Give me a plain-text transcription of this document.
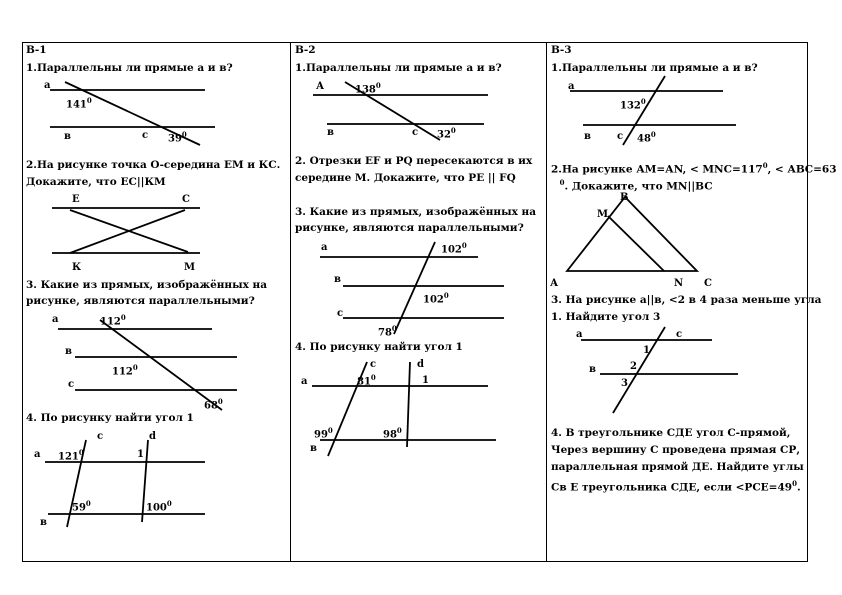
В-1
1.Параллельны ли прямые а и в?
а
$141^0$
в	с $39^0$
2.На рисунке точка О-середина ЕМ и КС.
Докажите, что ЕС||КМ
Е	С
К	М
3. Какие из прямых, изображённых на
рисунке, являются параллельными?
а	$112^0$
в
$112^0$
с
$68^0$
4. По рисунку найти угол 1
с	d
а $121^0$	1
$59^0$	$100^0$
в
В-2
1.Параллельны ли прямые а и в?
А	$138^0$
в	с $32^0$
2. Отрезки EF и PQ пересекаются в их
середине М. Докажите, что PE || FQ
3. Какие из прямых, изображённых на
рисунке, являются параллельными?
а	$102^0$
в
$102^0$
с
$78^0$
4. По рисунку найти угол 1
с	d
а	$81^0$	1
$99^0$	$98^0$
в
В-3
1.Параллельны ли прямые а и в?
а
$132^0$
в	с $48^0$
2.На рисунке АМ=АN, < $MNC=117^0$, < АВС=63
$^0$. Докажите, что МN||BC
В
М
А	N С
3. На рисунке а||в, <2 в 4 раза меньше угла
1. Найдите угол 3
а	с
1
2
в
3
4. В треугольнике СДЕ угол С-прямой,
Через вершину С проведена прямая СР,
параллельная прямой ДЕ. Найдите углы
Св Е треугольника СДЕ, если $<РСЕ=49^0$.
